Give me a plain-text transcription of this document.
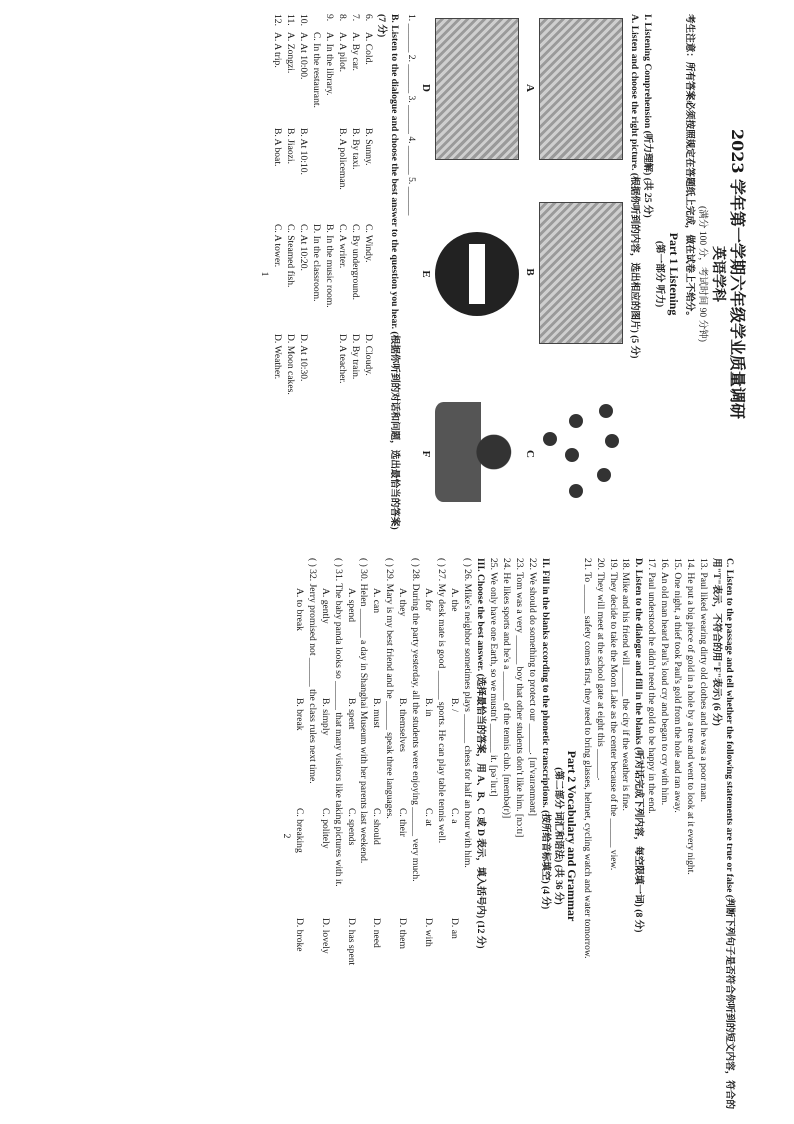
2023 学年第一学期六年级学业质量调研
英语学科
(满分 100 分，考试时间 90 分钟)
考生注意：所有答案必须按照规定在答题纸上完成，做在试卷上不给分。
Part 1 Listening
(第一部分 听力)
I. Listening Comprehension (听力理解) (共 25 分)
A. Listen and choose the right picture. (根据你听到的内容，选出相应的图片) (5 分)
A
B
C
D
E
F
1. ______ 2. ______ 3. ______ 4. ______ 5. ______
B. Listen to the dialogue and choose the best answer to the question you hear. (根据你听到的对话和问题，选出最恰当的答案) (7 分)
6.
A. Cold.
B. Sunny.
C. Windy.
D. Cloudy.
7.
A. By car.
B. By taxi.
C. By underground.
D. By train.
8.
A. A pilot.
B. A policeman.
C. A writer.
D. A teacher.
9.
A. In the library.
B. In the music room.
C. In the restaurant.
D. In the classroom.
10.
A. At 10:00.
B. At 10:10.
C. At 10:20.
D. At 10:30.
11.
A. Zongzi.
B. Jiaozi.
C. Steamed fish.
D. Moon cakes.
12.
A. A trip.
B. A boat.
C. A tower.
D. Weather.
1
C. Listen to the passage and tell whether the following statements are true or false (判断下列句子是否符合你听到的短文内容，符合的用"T"表示，不符合的用"F"表示) (6 分)
13. Paul liked wearing dirty old clothes and he was a poor man.
14. He put a big piece of gold in a hole by a tree and went to look at it every night.
15. One night, a thief took Paul's gold from the hole and ran away.
16. An old man heard Paul's loud cry and began to cry with him.
17. Paul understood he didn't need the gold to be happy in the end.
D. Listen to the dialogue and fill in the blanks (听对话完成下列内容，每空限填一词) (8 分)
18. Mike and his friend will ______ the city if the weather is fine.
19. They decide to take the Moon Lake as the center because of the ______ view.
20. They will meet at the school gate at eight this ______.
21. To ______ safety comes first, they need to bring glasses, helmet, cycling watch and water tomorrow.
Part 2 Vocabulary and Grammar
(第二部分 词汇和语法) (共 36 分)
II. Fill in the blanks according to the phonetic transcriptions. (按所给音标填空) (4 分)
22. We should do something to protect our ______. [ɪn'vaɪrənmənt]
23. Tom was a very ______ boy that other students don't like him. [nɔːtɪ]
24. He likes sports and he's a ______ of the tennis club. [membə(r)]
25. We only have one Earth, so we mustn't ______ it. [pəˈluːt]
III. Choose the best answer. (选择最恰当的答案，用 A、B、C 或 D 表示，填入括号内) (12 分)
( ) 26. Mike's neighbor sometimes plays ______ chess for half an hour with him.
A. the
B. /
C. a
D. an
( ) 27. My desk mate is good ______ sports. He can play table tennis well.
A. for
B. in
C. at
D. with
( ) 28. During the party yesterday, all the students were enjoying ______ very much.
A. they
B. themselves
C. their
D. them
( ) 29. Mary is my best friend and he ______ speak three languages.
A. can
B. must
C. should
D. need
( ) 30. Helen ______ a day in Shanghai Museum with her parents last weekend.
A. spend
B. spent
C. spends
D. has spent
( ) 31. The baby panda looks so ______ that many visitors like taking pictures with it.
A. gently
B. simply
C. politely
D. lovely
( ) 32. Jerry promised not ______ the class rules next time.
A. to break
B. break
C. breaking
D. broke
2
